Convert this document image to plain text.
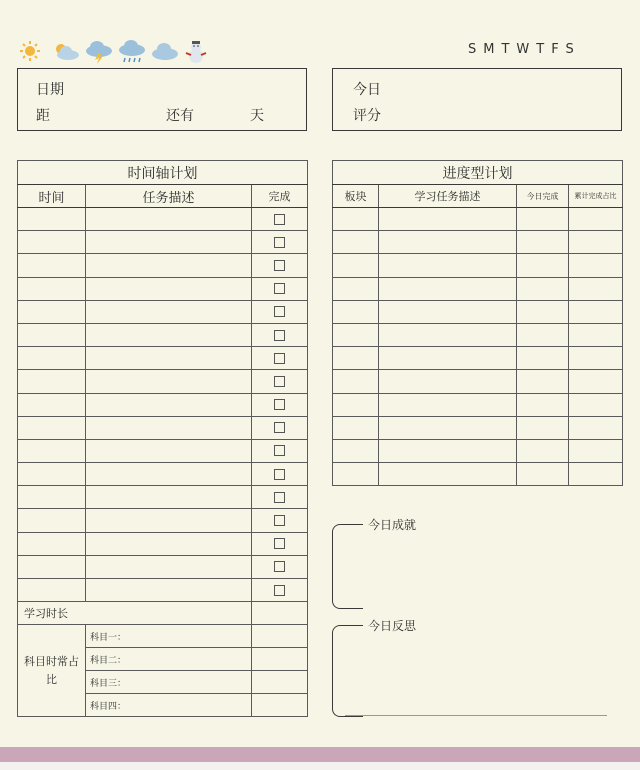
SMTWTFS
日期
距	还有	天
今日
评分
时间轴计划		
时间	任务描述	完成

学习时长		

科目时常占比	科目一：	
	科目二：	
	科目三：	
	科目四：	
进度型计划			
板块	学习任务描述	今日完成	累计完成占比

今日成就
今日反思
